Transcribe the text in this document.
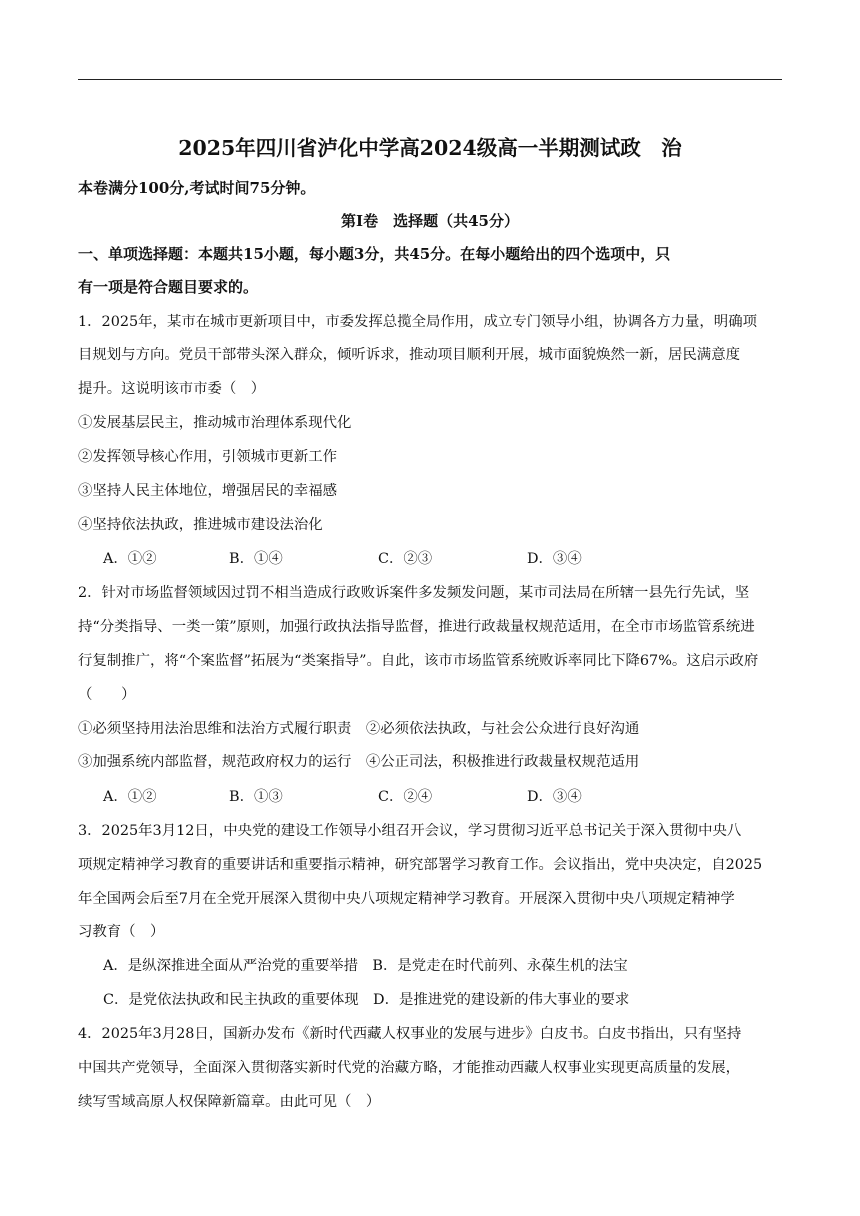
2025年四川省泸化中学高2024级高一半期测试政　治
本卷满分100分,考试时间75分钟。
第Ⅰ卷　选择题（共45分）
一、单项选择题：本题共15小题，每小题3分，共45分。在每小题给出的四个选项中，只
有一项是符合题目要求的。
1．2025年，某市在城市更新项目中，市委发挥总揽全局作用，成立专门领导小组，协调各方力量，明确项
目规划与方向。党员干部带头深入群众，倾听诉求，推动项目顺利开展，城市面貌焕然一新，居民满意度
提升。这说明该市市委（　）
①发展基层民主，推动城市治理体系现代化
②发挥领导核心作用，引领城市更新工作
③坚持人民主体地位，增强居民的幸福感
④坚持依法执政，推进城市建设法治化
A．①②	B．①④	C．②③	D．③④
2．针对市场监督领域因过罚不相当造成行政败诉案件多发频发问题，某市司法局在所辖一县先行先试，坚
持“分类指导、一类一策”原则，加强行政执法指导监督，推进行政裁量权规范适用，在全市市场监管系统进
行复制推广，将“个案监督”拓展为“类案指导”。自此，该市市场监管系统败诉率同比下降67%。这启示政府
（　　）
①必须坚持用法治思维和法治方式履行职责　②必须依法执政，与社会公众进行良好沟通
③加强系统内部监督，规范政府权力的运行　④公正司法，积极推进行政裁量权规范适用
A．①②	B．①③	C．②④	D．③④
3．2025年3月12日，中央党的建设工作领导小组召开会议，学习贯彻习近平总书记关于深入贯彻中央八
项规定精神学习教育的重要讲话和重要指示精神，研究部署学习教育工作。会议指出，党中央决定，自2025
年全国两会后至7月在全党开展深入贯彻中央八项规定精神学习教育。开展深入贯彻中央八项规定精神学
习教育（　）
A．是纵深推进全面从严治党的重要举措　B．是党走在时代前列、永葆生机的法宝
C．是党依法执政和民主执政的重要体现　D．是推进党的建设新的伟大事业的要求
4．2025年3月28日，国新办发布《新时代西藏人权事业的发展与进步》白皮书。白皮书指出，只有坚持
中国共产党领导，全面深入贯彻落实新时代党的治藏方略，才能推动西藏人权事业实现更高质量的发展，
续写雪域高原人权保障新篇章。由此可见（　）
